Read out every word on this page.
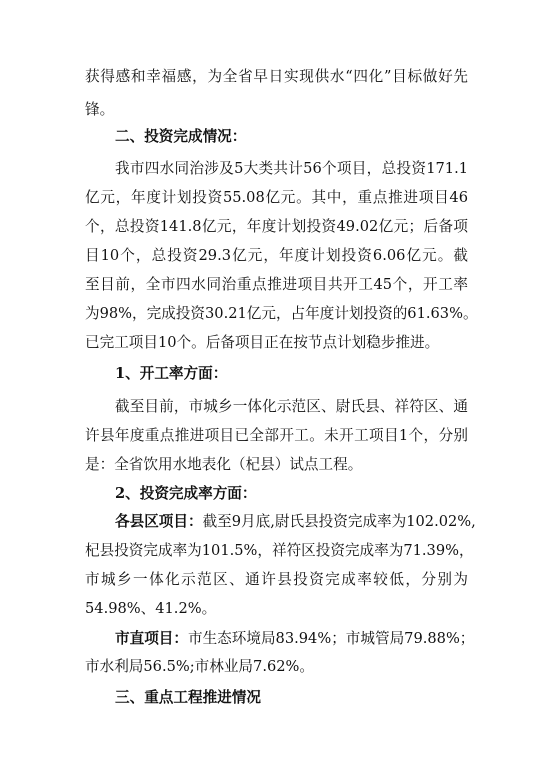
获得感和幸福感，为全省早日实现供水“四化”目标做好先
锋。
二、投资完成情况：
我市四水同治涉及5大类共计56个项目，总投资171.1
亿元，年度计划投资55.08亿元。其中，重点推进项目46
个，总投资141.8亿元，年度计划投资49.02亿元；后备项
目10个，总投资29.3亿元，年度计划投资6.06亿元。截
至目前，全市四水同治重点推进项目共开工45个，开工率
为98%，完成投资30.21亿元，占年度计划投资的61.63%。
已完工项目10个。后备项目正在按节点计划稳步推进。
1、开工率方面：
截至目前，市城乡一体化示范区、尉氏县、祥符区、通
许县年度重点推进项目已全部开工。未开工项目1个，分别
是：全省饮用水地表化（杞县）试点工程。
2、投资完成率方面：
各县区项目：截至9月底,尉氏县投资完成率为102.02%,
杞县投资完成率为101.5%，祥符区投资完成率为71.39%，
市城乡一体化示范区、通许县投资完成率较低，分别为
54.98%、41.2%。
市直项目：市生态环境局83.94%；市城管局79.88%；
市水利局56.5%;市林业局7.62%。
三、重点工程推进情况
